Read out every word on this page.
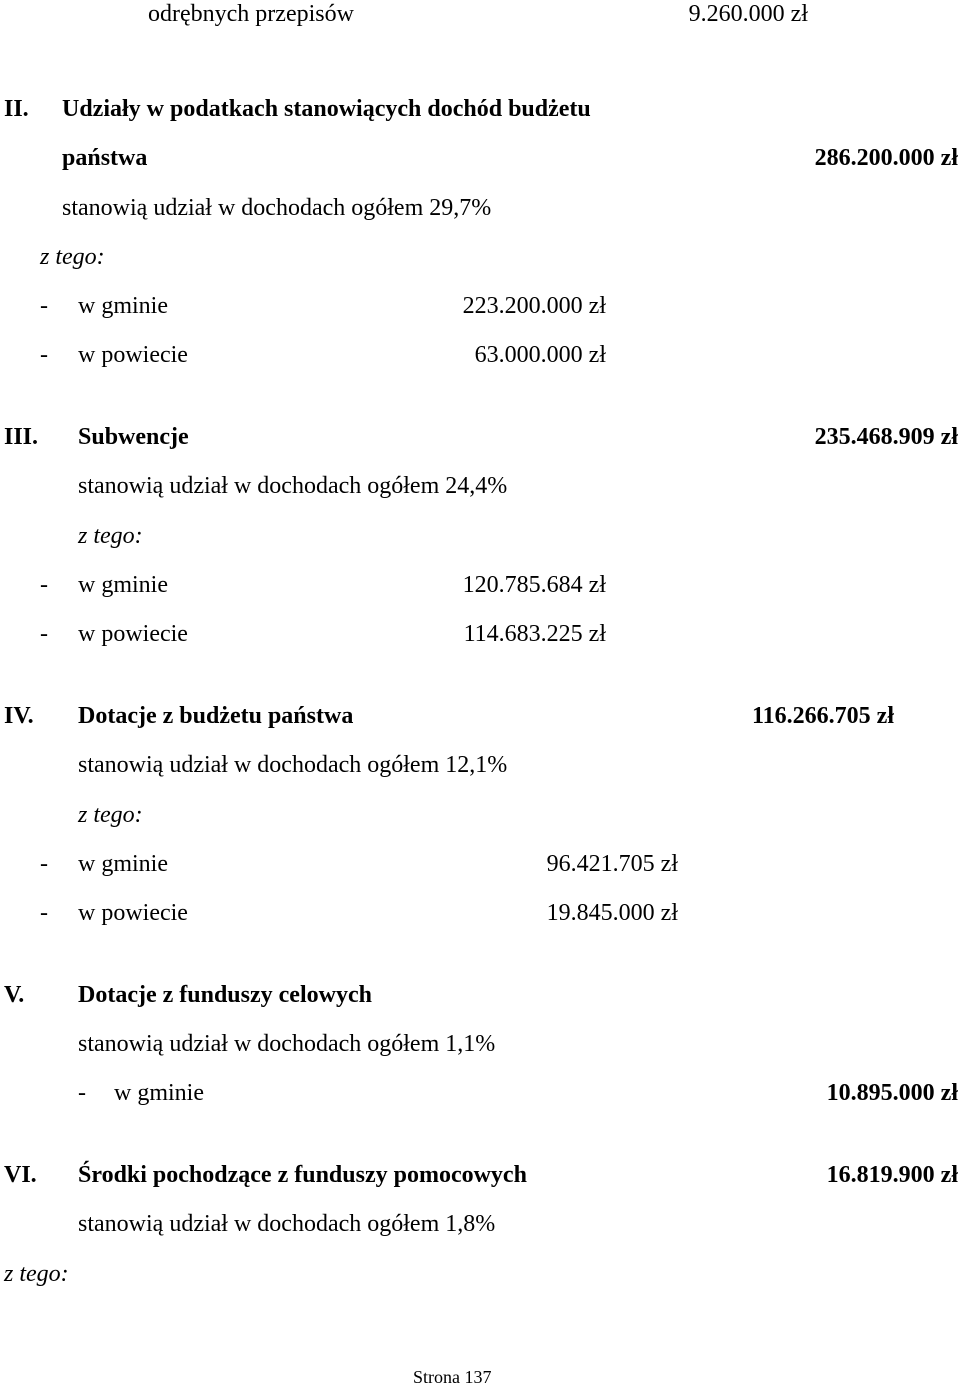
odrębnych przepisów	9.260.000 zł
II. Udziały w podatkach stanowiących dochód budżetu
państwa	286.200.000 zł
stanowią udział w dochodach ogółem 29,7%
z tego:
- w gminie	223.200.000 zł
- w powiecie	63.000.000 zł
III. Subwencje	235.468.909 zł
stanowią udział w dochodach ogółem 24,4%
z tego:
- w gminie	120.785.684 zł
- w powiecie	114.683.225 zł
IV. Dotacje z budżetu państwa	116.266.705 zł
stanowią udział w dochodach ogółem 12,1%
z tego:
- w gminie	96.421.705 zł
- w powiecie	19.845.000 zł
V. Dotacje z funduszy celowych
stanowią udział w dochodach ogółem 1,1%
- w gminie	10.895.000 zł
VI. Środki pochodzące z funduszy pomocowych	16.819.900 zł
stanowią udział w dochodach ogółem 1,8%
z tego:
Strona 137
